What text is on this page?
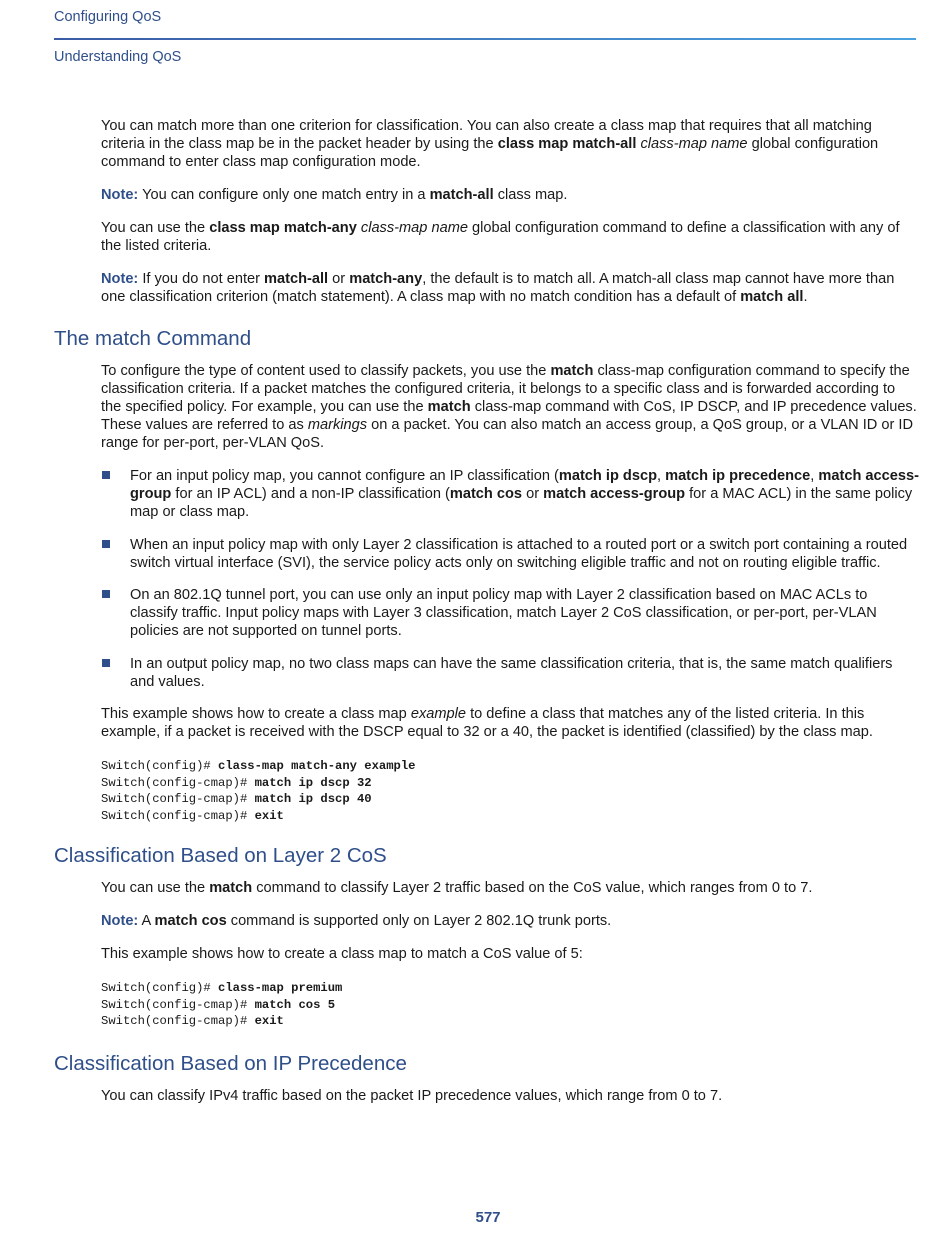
Configuring QoS
Understanding QoS

You can match more than one criterion for classification. You can also create a class map that requires that all matching criteria in the class map be in the packet header by using the class map match-all class-map name global configuration command to enter class map configuration mode.

Note: You can configure only one match entry in a match-all class map.

You can use the class map match-any class-map name global configuration command to define a classification with any of the listed criteria.

Note: If you do not enter match-all or match-any, the default is to match all. A match-all class map cannot have more than one classification criterion (match statement). A class map with no match condition has a default of match all.

The match Command

To configure the type of content used to classify packets, you use the match class-map configuration command to specify the classification criteria. If a packet matches the configured criteria, it belongs to a specific class and is forwarded according to the specified policy. For example, you can use the match class-map command with CoS, IP DSCP, and IP precedence values. These values are referred to as markings on a packet. You can also match an access group, a QoS group, or a VLAN ID or ID range for per-port, per-VLAN QoS.

For an input policy map, you cannot configure an IP classification (match ip dscp, match ip precedence, match access-group for an IP ACL) and a non-IP classification (match cos or match access-group for a MAC ACL) in the same policy map or class map.
When an input policy map with only Layer 2 classification is attached to a routed port or a switch port containing a routed switch virtual interface (SVI), the service policy acts only on switching eligible traffic and not on routing eligible traffic.
On an 802.1Q tunnel port, you can use only an input policy map with Layer 2 classification based on MAC ACLs to classify traffic. Input policy maps with Layer 3 classification, match Layer 2 CoS classification, or per-port, per-VLAN policies are not supported on tunnel ports.
In an output policy map, no two class maps can have the same classification criteria, that is, the same match qualifiers and values.

This example shows how to create a class map example to define a class that matches any of the listed criteria. In this example, if a packet is received with the DSCP equal to 32 or a 40, the packet is identified (classified) by the class map.

Switch(config)# class-map match-any example
Switch(config-cmap)# match ip dscp 32
Switch(config-cmap)# match ip dscp 40
Switch(config-cmap)# exit
Classification Based on Layer 2 CoS

You can use the match command to classify Layer 2 traffic based on the CoS value, which ranges from 0 to 7.

Note: A match cos command is supported only on Layer 2 802.1Q trunk ports.

This example shows how to create a class map to match a CoS value of 5:

Switch(config)# class-map premium
Switch(config-cmap)# match cos 5
Switch(config-cmap)# exit
Classification Based on IP Precedence

You can classify IPv4 traffic based on the packet IP precedence values, which range from 0 to 7.

577
